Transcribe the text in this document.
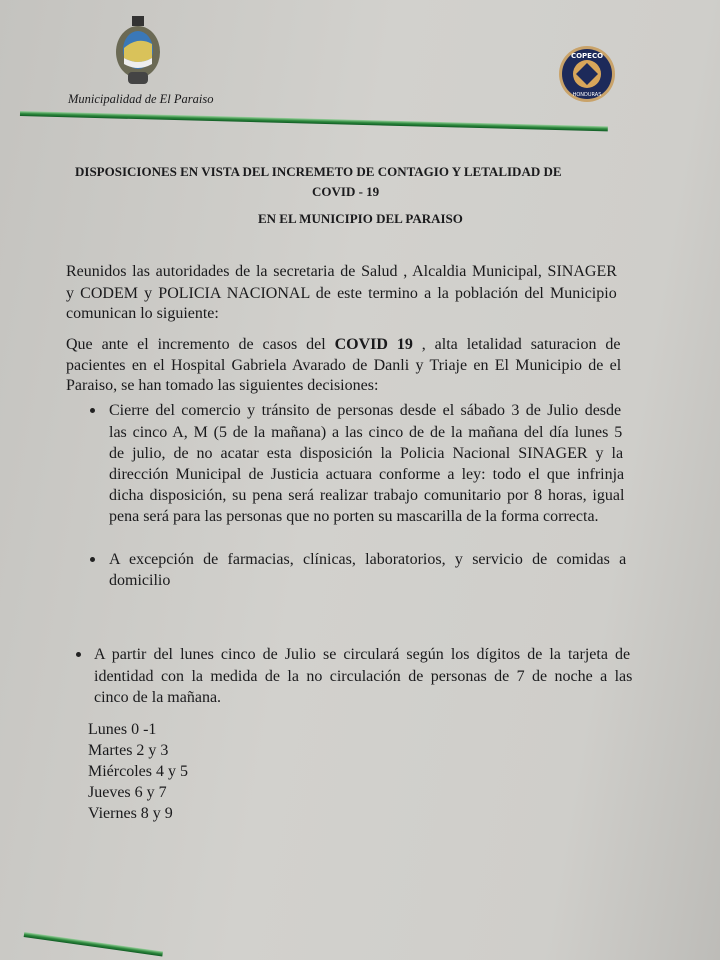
Municipalidad de El Paraiso
COPECO
HONDURAS
DISPOSICIONES EN VISTA DEL INCREMETO DE CONTAGIO Y LETALIDAD DE
COVID - 19
EN EL MUNICIPIO DEL PARAISO
Reunidos las autoridades de la secretaria de Salud , Alcaldia Municipal, SINAGER
y CODEM y POLICIA NACIONAL de este termino a la población del Municipio
comunican lo siguiente:
Que ante el incremento de casos del COVID 19 , alta letalidad saturacion de
pacientes en el Hospital Gabriela Avarado de Danli y Triaje en El Municipio de el
Paraiso, se han tomado las siguientes decisiones:
Cierre del comercio y tránsito de personas desde el sábado 3 de Julio desde
las cinco A, M (5 de la mañana) a las cinco de de la mañana del día lunes 5
de julio, de no acatar esta disposición la Policia Nacional SINAGER y la
dirección Municipal de Justicia actuara conforme a ley: todo el que infrinja
dicha disposición, su pena será realizar trabajo comunitario por 8 horas, igual
pena será para las personas que no porten su mascarilla de la forma correcta.
A excepción de farmacias, clínicas, laboratorios, y servicio de comidas a
domicilio
A partir del lunes cinco de Julio se circulará según los dígitos de la tarjeta de
identidad con la medida de la no circulación de personas de 7 de noche a las
cinco de la mañana.
Lunes 0 -1
Martes 2 y 3
Miércoles 4 y 5
Jueves 6 y 7
Viernes 8 y 9
